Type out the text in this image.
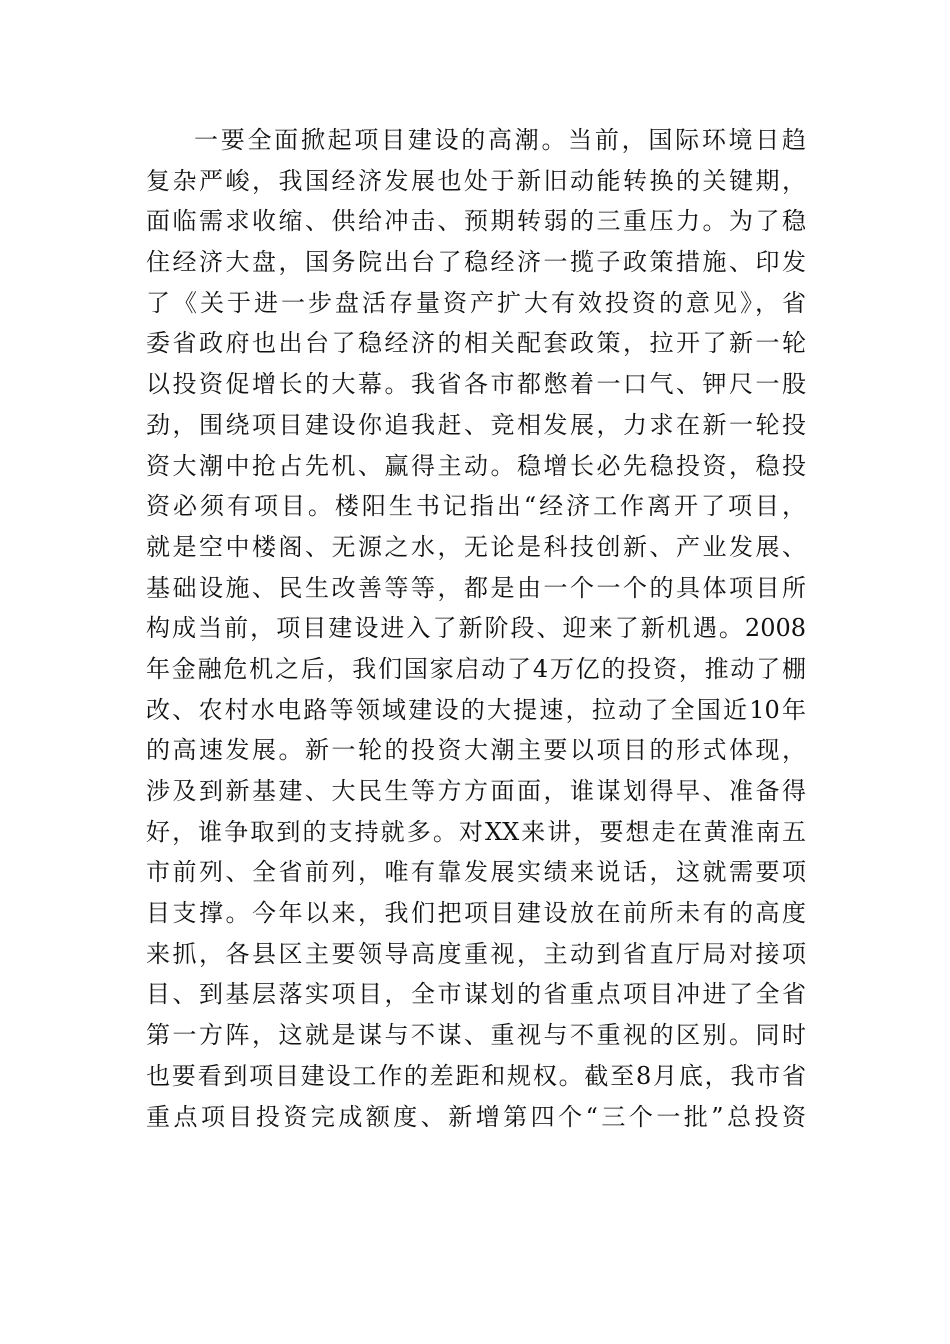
一要全面掀起项目建设的高潮。当前，国际环境日趋
复杂严峻，我国经济发展也处于新旧动能转换的关键期，
面临需求收缩、供给冲击、预期转弱的三重压力。为了稳
住经济大盘，国务院出台了稳经济一揽子政策措施、印发
了《关于进一步盘活存量资产扩大有效投资的意见》，省
委省政府也出台了稳经济的相关配套政策，拉开了新一轮
以投资促增长的大幕。我省各市都憋着一口气、钾尺一股
劲，围绕项目建设你追我赶、竞相发展，力求在新一轮投
资大潮中抢占先机、赢得主动。稳增长必先稳投资，稳投
资必须有项目。楼阳生书记指出“经济工作离开了项目，
就是空中楼阁、无源之水，无论是科技创新、产业发展、
基础设施、民生改善等等，都是由一个一个的具体项目所
构成当前，项目建设进入了新阶段、迎来了新机遇。2008
年金融危机之后，我们国家启动了4万亿的投资，推动了棚
改、农村水电路等领域建设的大提速，拉动了全国近10年
的高速发展。新一轮的投资大潮主要以项目的形式体现，
涉及到新基建、大民生等方方面面，谁谋划得早、准备得
好，谁争取到的支持就多。对XX来讲，要想走在黄淮南五
市前列、全省前列，唯有靠发展实绩来说话，这就需要项
目支撑。今年以来，我们把项目建设放在前所未有的高度
来抓，各县区主要领导高度重视，主动到省直厅局对接项
目、到基层落实项目，全市谋划的省重点项目冲进了全省
第一方阵，这就是谋与不谋、重视与不重视的区别。同时
也要看到项目建设工作的差距和规权。截至8月底，我市省
重点项目投资完成额度、新增第四个“三个一批”总投资
